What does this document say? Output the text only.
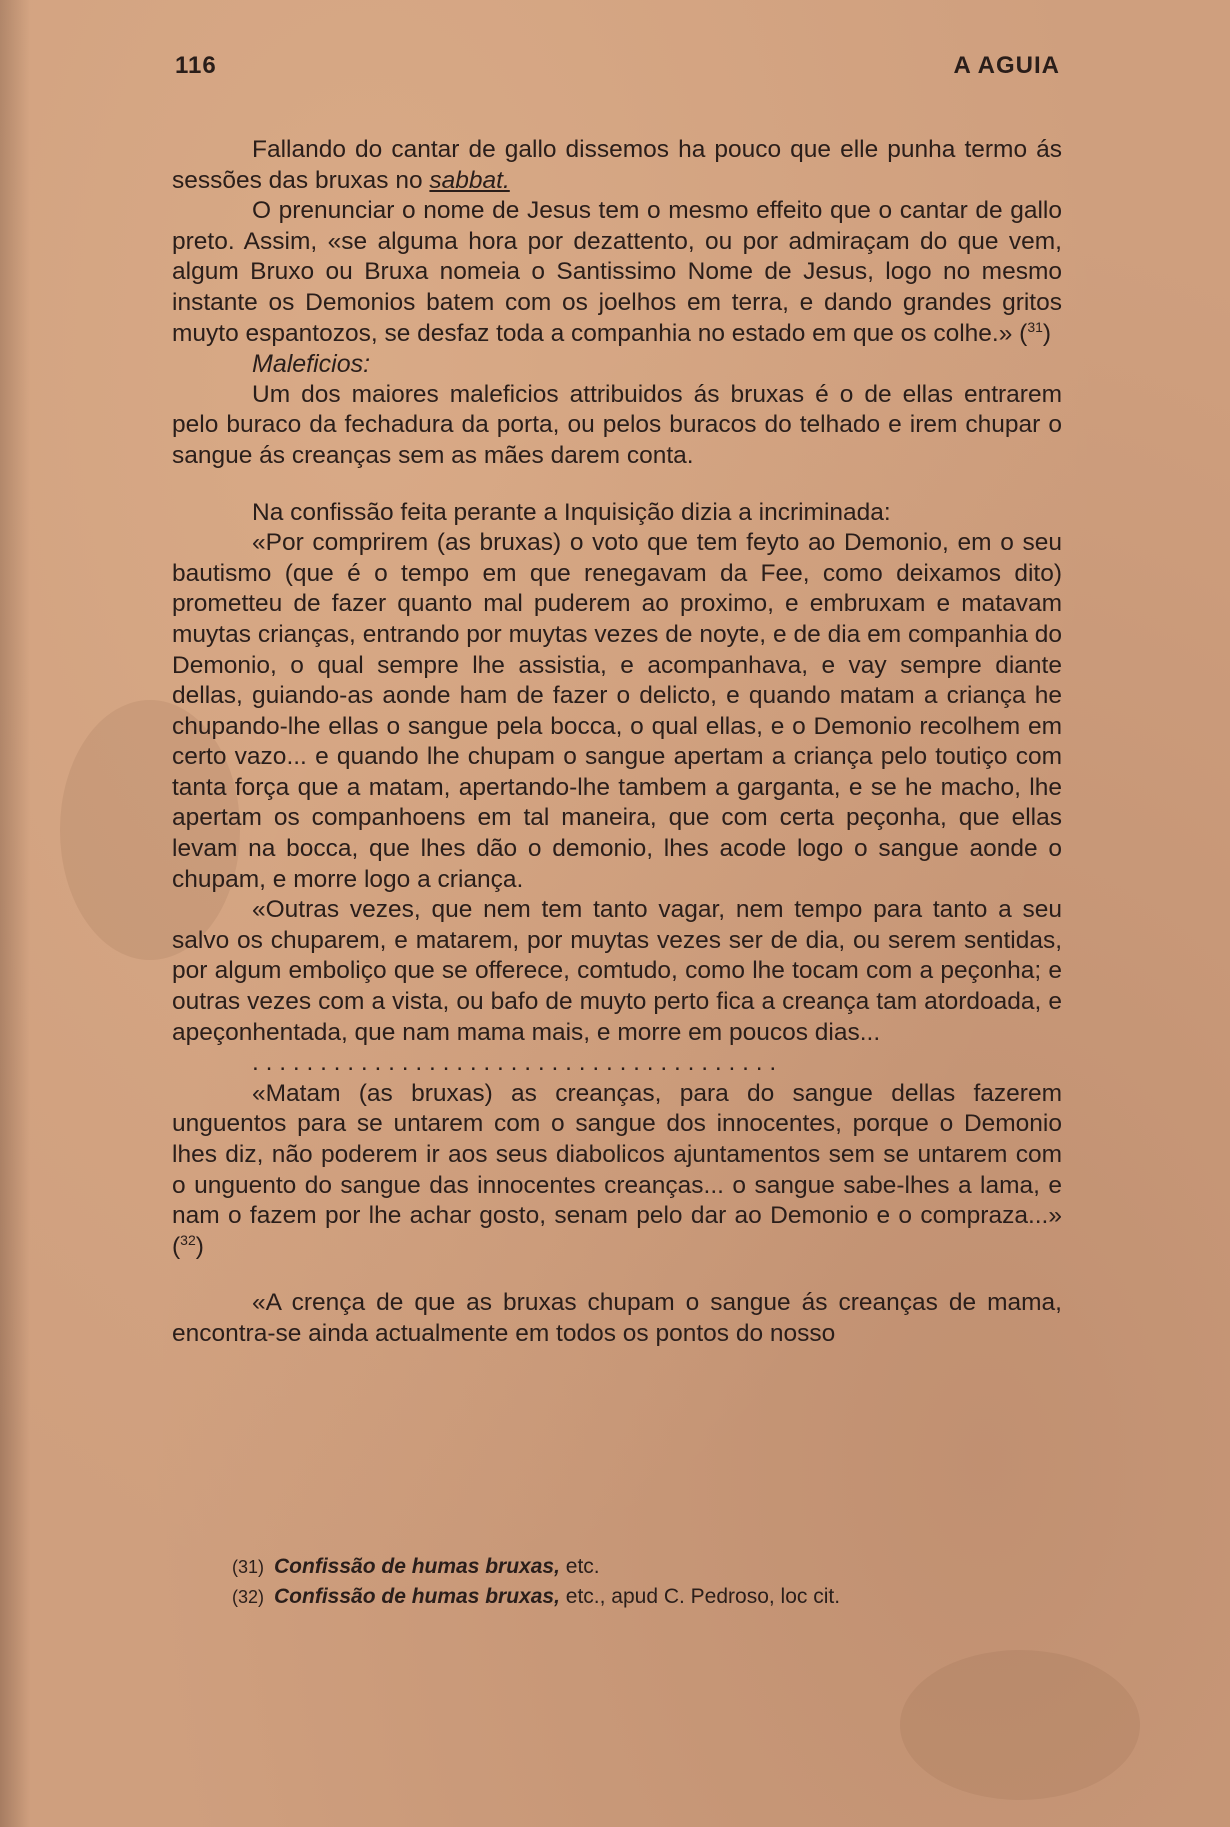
116	A AGUIA

Fallando do cantar de gallo dissemos ha pouco que elle punha termo ás sessões das bruxas no sabbat.

O prenunciar o nome de Jesus tem o mesmo effeito que o cantar de gallo preto. Assim, «se alguma hora por dezattento, ou por admiraçam do que vem, algum Bruxo ou Bruxa nomeia o Santissimo Nome de Jesus, logo no mesmo instante os Demonios batem com os joelhos em terra, e dando grandes gritos muyto espantozos, se desfaz toda a companhia no estado em que os colhe.» ($^{31}$)

Maleficios:

Um dos maiores maleficios attribuidos ás bruxas é o de ellas entrarem pelo buraco da fechadura da porta, ou pelos buracos do telhado e irem chupar o sangue ás creanças sem as mães darem conta.

Na confissão feita perante a Inquisição dizia a incriminada:

«Por comprirem (as bruxas) o voto que tem feyto ao Demonio, em o seu bautismo (que é o tempo em que renegavam da Fee, como deixamos dito) prometteu de fazer quanto mal puderem ao proximo, e embruxam e matavam muytas crianças, entrando por muytas vezes de noyte, e de dia em companhia do Demonio, o qual sempre lhe assistia, e acompanhava, e vay sempre diante dellas, guiando-as aonde ham de fazer o delicto, e quando matam a criança he chupando-lhe ellas o sangue pela bocca, o qual ellas, e o Demonio recolhem em certo vazo... e quando lhe chupam o sangue apertam a criança pelo toutiço com tanta força que a matam, apertando-lhe tambem a garganta, e se he macho, lhe apertam os companhoens em tal maneira, que com certa peçonha, que ellas levam na bocca, que lhes dão o demonio, lhes acode logo o sangue aonde o chupam, e morre logo a criança.

«Outras vezes, que nem tem tanto vagar, nem tempo para tanto a seu salvo os chuparem, e matarem, por muytas vezes ser de dia, ou serem sentidas, por algum emboliço que se offerece, comtudo, como lhe tocam com a peçonha; e outras vezes com a vista, ou bafo de muyto perto fica a creança tam atordoada, e apeçonhentada, que nam mama mais, e morre em poucos dias...

. . . . . . . . . . . . . . . . . . . . . . . . . . . . . . . . . . . . . . .

«Matam (as bruxas) as creanças, para do sangue dellas fazerem unguentos para se untarem com o sangue dos innocentes, porque o Demonio lhes diz, não poderem ir aos seus diabolicos ajuntamentos sem se untarem com o unguento do sangue das innocentes creanças... o sangue sabe-lhes a lama, e nam o fazem por lhe achar gosto, senam pelo dar ao Demonio e o compraza...» ($^{32}$)

«A crença de que as bruxas chupam o sangue ás creanças de mama, encontra-se ainda actualmente em todos os pontos do nosso

(31) Confissão de humas bruxas, etc.
(32) Confissão de humas bruxas, etc., apud C. Pedroso, loc cit.
